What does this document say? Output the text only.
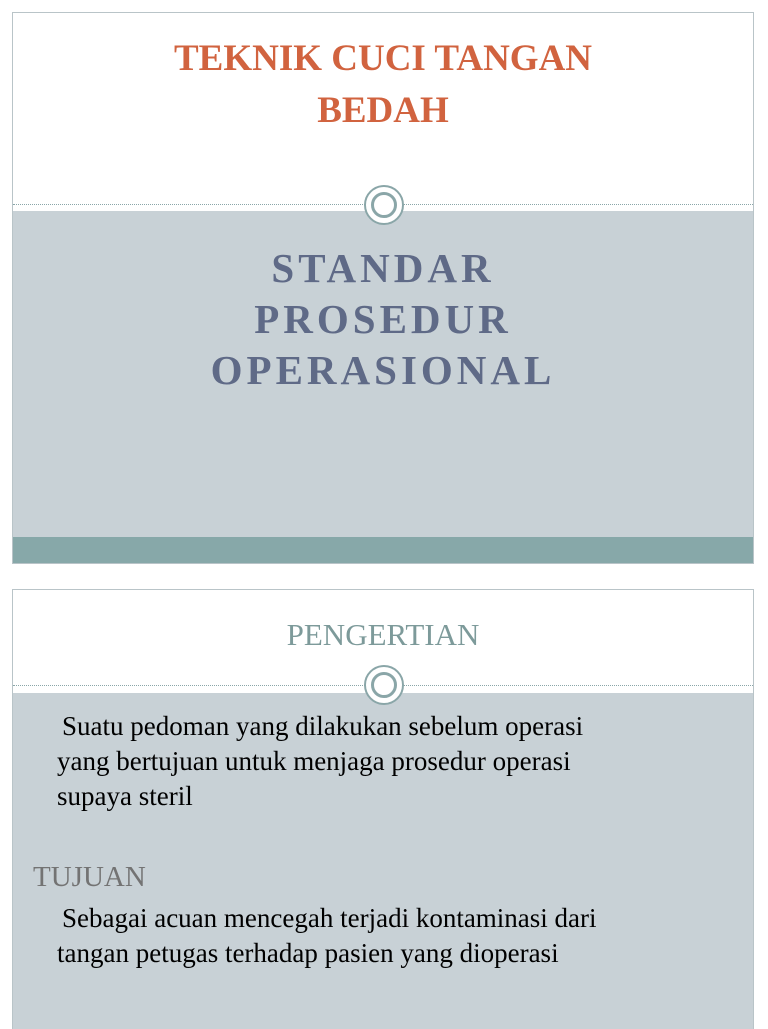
TEKNIK CUCI TANGAN
BEDAH
STANDAR
PROSEDUR
OPERASIONAL
PENGERTIAN

Suatu pedoman yang dilakukan sebelum operasi
yang bertujuan untuk menjaga prosedur operasi
supaya steril

TUJUAN

Sebagai acuan mencegah terjadi kontaminasi dari
tangan petugas terhadap pasien yang dioperasi
